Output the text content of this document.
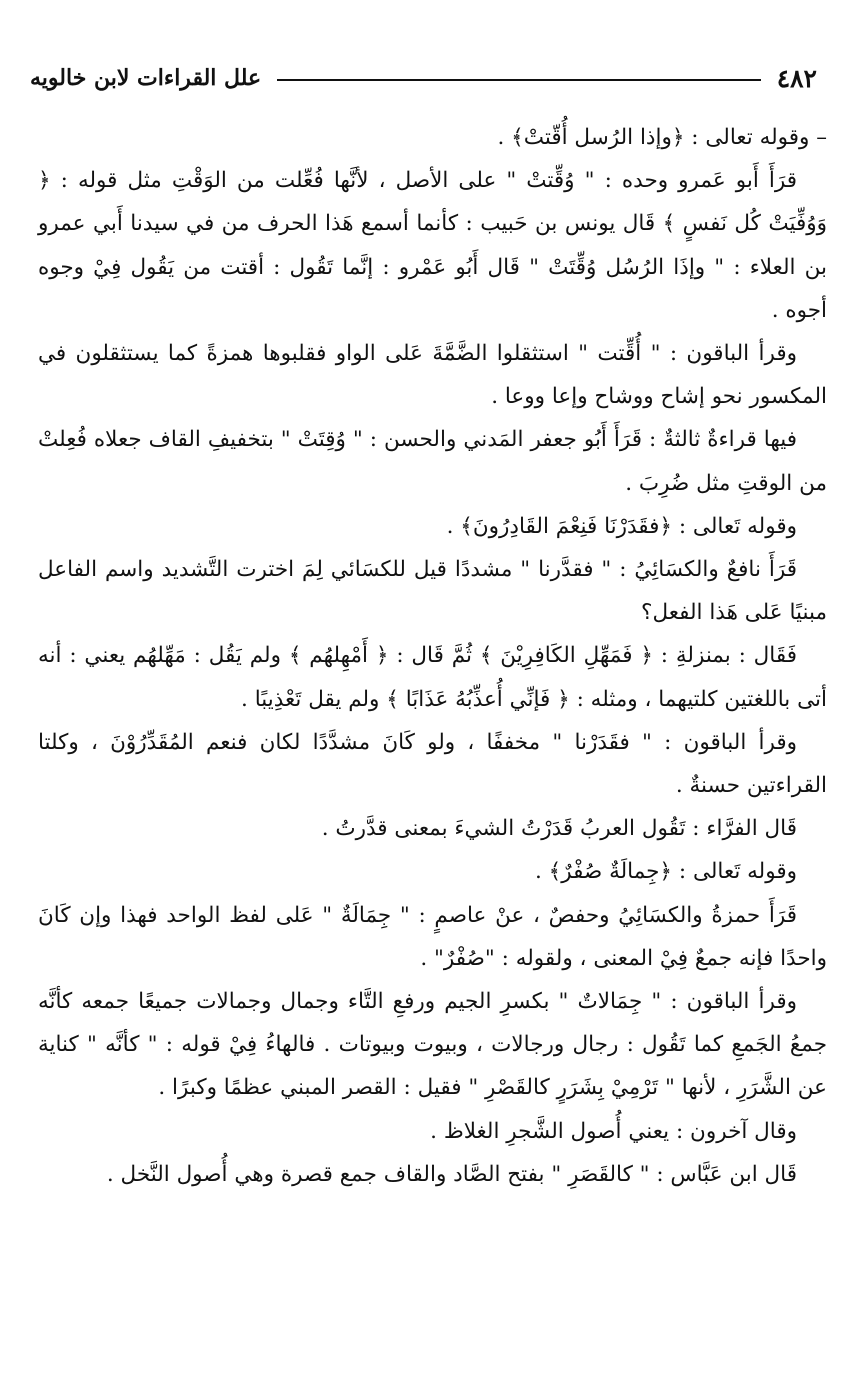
٤٨٢
علل القراءات لابن خالويه

– وقوله تعالى : ﴿وإذا الرُسل أُقّتتْ﴾ .

قرَأَ أَبو عَمرو وحده : " وُقِّتتْ " على الأصل ، لأنَّها فُعِّلت من الوَقْتِ مثل قوله : ﴿ وَوُفِّيَتْ كُل نَفسٍ ﴾ قَال يونس بن حَبيب : كأنما أسمع هَذا الحرف من في سيدنا أَبي عمرو بن العلاء : " وإذَا الرُسُل وُقِّتَتْ " قَال أَبُو عَمْرو : إنَّما تَقُول : أقتت من يَقُول فِيْ وجوه أجوه .

وقرأ الباقون : " أُقِّتت " استثقلوا الضَّمَّةَ عَلى الواو فقلبوها همزةً كما يستثقلون في المكسور نحو إشاح ووشاح وإعا ووعا .

فيها قراءةٌ ثالثةٌ : قَرَأَ أَبُو جعفر المَدني والحسن : " وُقِتَتْ " بتخفيفِ القاف جعلاه فُعِلتْ من الوقتِ مثل ضُرِبَ .

وقوله تَعالى : ﴿فقَدَرْنَا فَنِعْمَ القَادِرُونَ﴾ .

قَرَأَ نافعٌ والكسَائِيُ : " فقدَّرنا " مشددًا قيل للكسَائي لِمَ اخترت التَّشديد واسم الفاعل مبنيًا عَلى هَذا الفعل؟

فَقَال : بمنزلةِ : ﴿ فَمَهِّلِ الكَافِرِيْنَ ﴾ ثُمَّ قَال : ﴿ أَمْهِلهُم ﴾ ولم يَقُل : مَهِّلهُم يعني : أنه أتى باللغتين كلتيهما ، ومثله : ﴿ فَإنِّي أُعذِّبُهُ عَذَابًا ﴾ ولم يقل تَعْذِيبًا .

وقرأ الباقون : " فقَدَرْنا " مخففًا ، ولو كَانَ مشدَّدًا لكان فنعم المُقَدِّرُوْنَ ، وكلتا القراءتين حسنةٌ .

قَال الفرَّاء : تَقُول العربُ قَدَرْتُ الشيءَ بمعنى قدَّرتُ .

وقوله تَعالى : ﴿جِمالَةٌ صُفْرٌ﴾ .

قَرَأَ حمزةُ والكسَائِيُ وحفصٌ ، عنْ عاصمٍ : " جِمَالَةٌ " عَلى لفظ الواحد فهذا وإن كَانَ واحدًا فإنه جمعٌ فِيْ المعنى ، ولقوله : "صُفْرٌ" .

وقرأ الباقون : " جِمَالاتٌ " بكسرِ الجيم ورفعِ التَّاء وجمال وجمالات جميعًا جمعه كأنَّه جمعُ الجَمعِ كما تَقُول : رجال ورجالات ، وبيوت وبيوتات . فالهاءُ فِيْ قوله : " كأنَّه " كناية عن الشَّرَرِ ، لأنها " تَرْمِيْ بِشَرَرٍ كالقَصْرِ " فقيل : القصر المبني عظمًا وكبرًا .

وقال آخرون : يعني أُصول الشَّجرِ الغلاظ .

قَال ابن عَبَّاس : " كالقَصَرِ " بفتح الصَّاد والقاف جمع قصرة وهي أُصول النَّخل .
